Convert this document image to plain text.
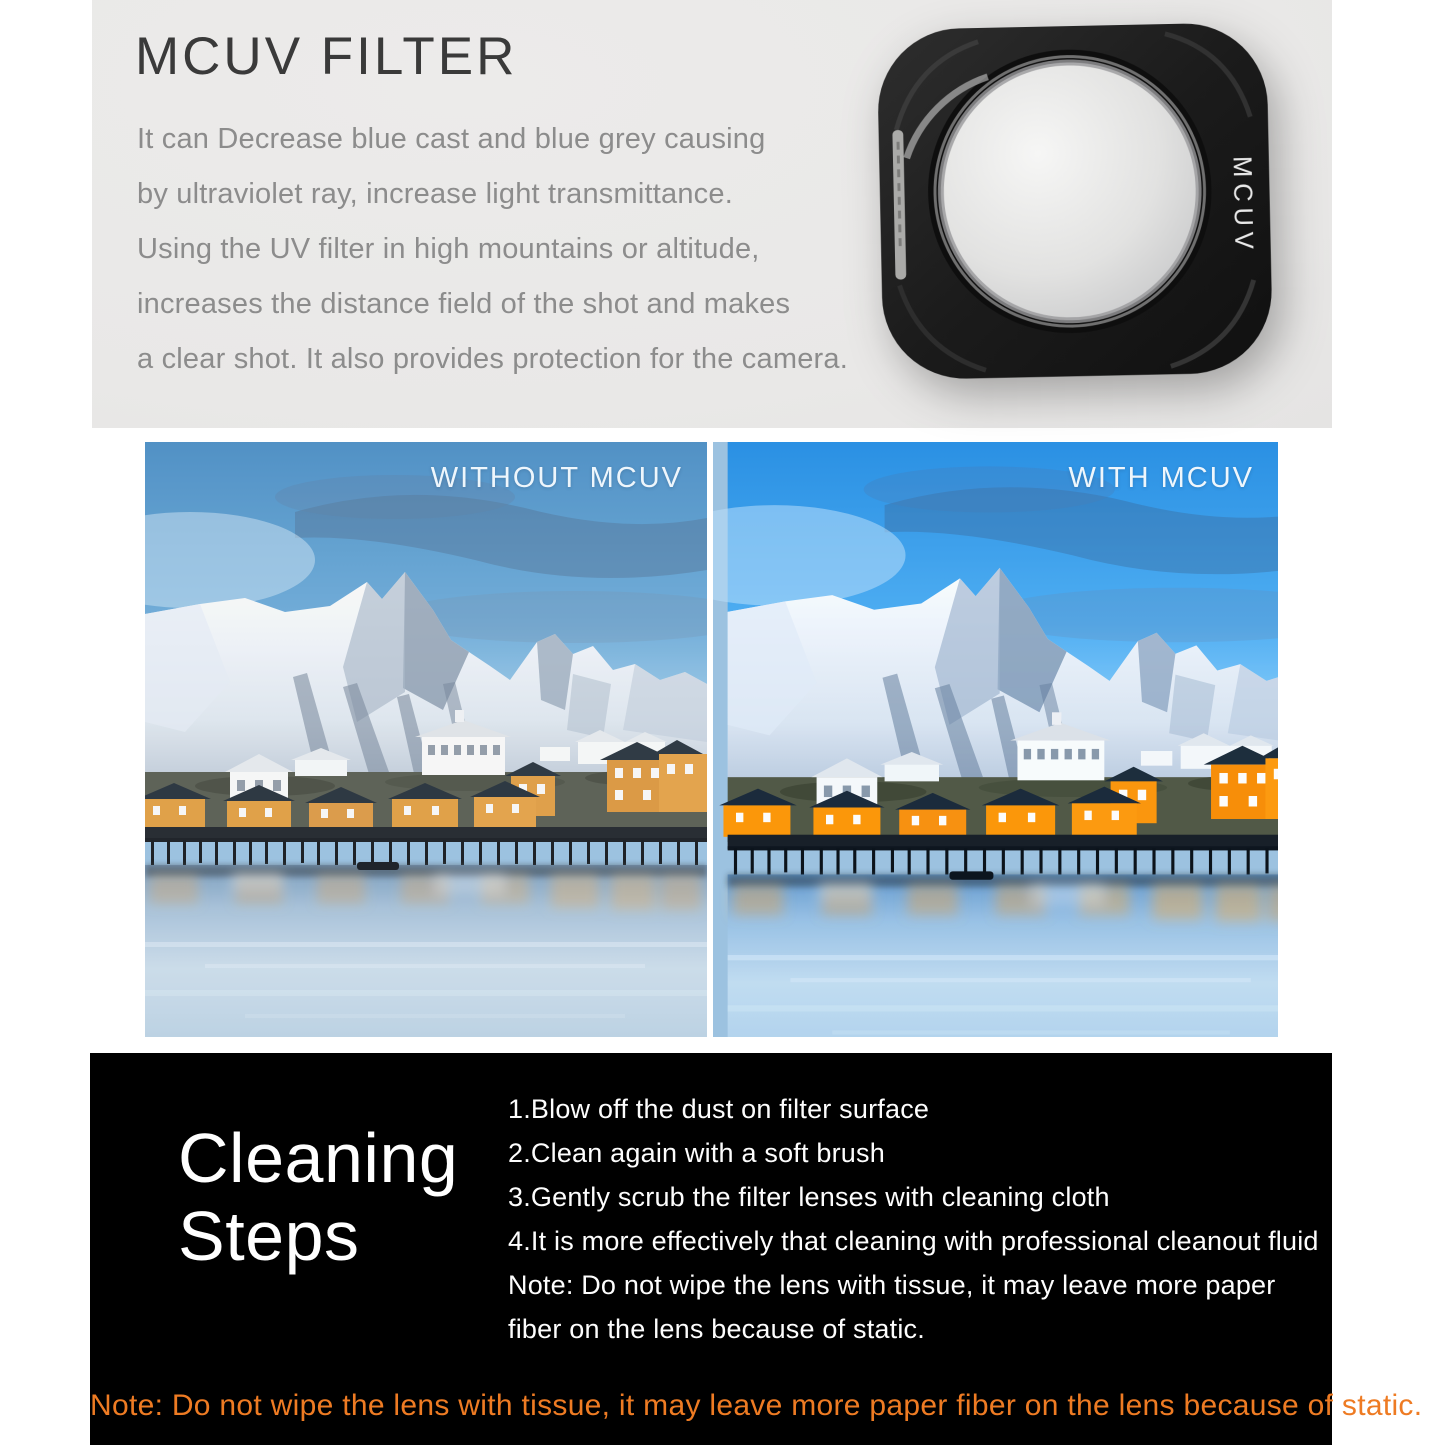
MCUV FILTER
It can Decrease blue cast and blue grey causing
by ultraviolet ray, increase light transmittance.
Using the UV filter in high mountains or altitude,
increases the distance field of the shot and makes
a clear shot. It also provides protection for the camera.
MCUV
WITHOUT MCUV	WITH MCUV
Cleaning
Steps
1.Blow off the dust on filter surface
2.Clean again with a soft brush
3.Gently scrub the filter lenses with cleaning cloth
4.It is more effectively that cleaning with professional cleanout fluid
Note: Do not wipe the lens with tissue, it may leave more paper
fiber on the lens because of static.
Note: Do not wipe the lens with tissue, it may leave more paper fiber on the lens because of static.
